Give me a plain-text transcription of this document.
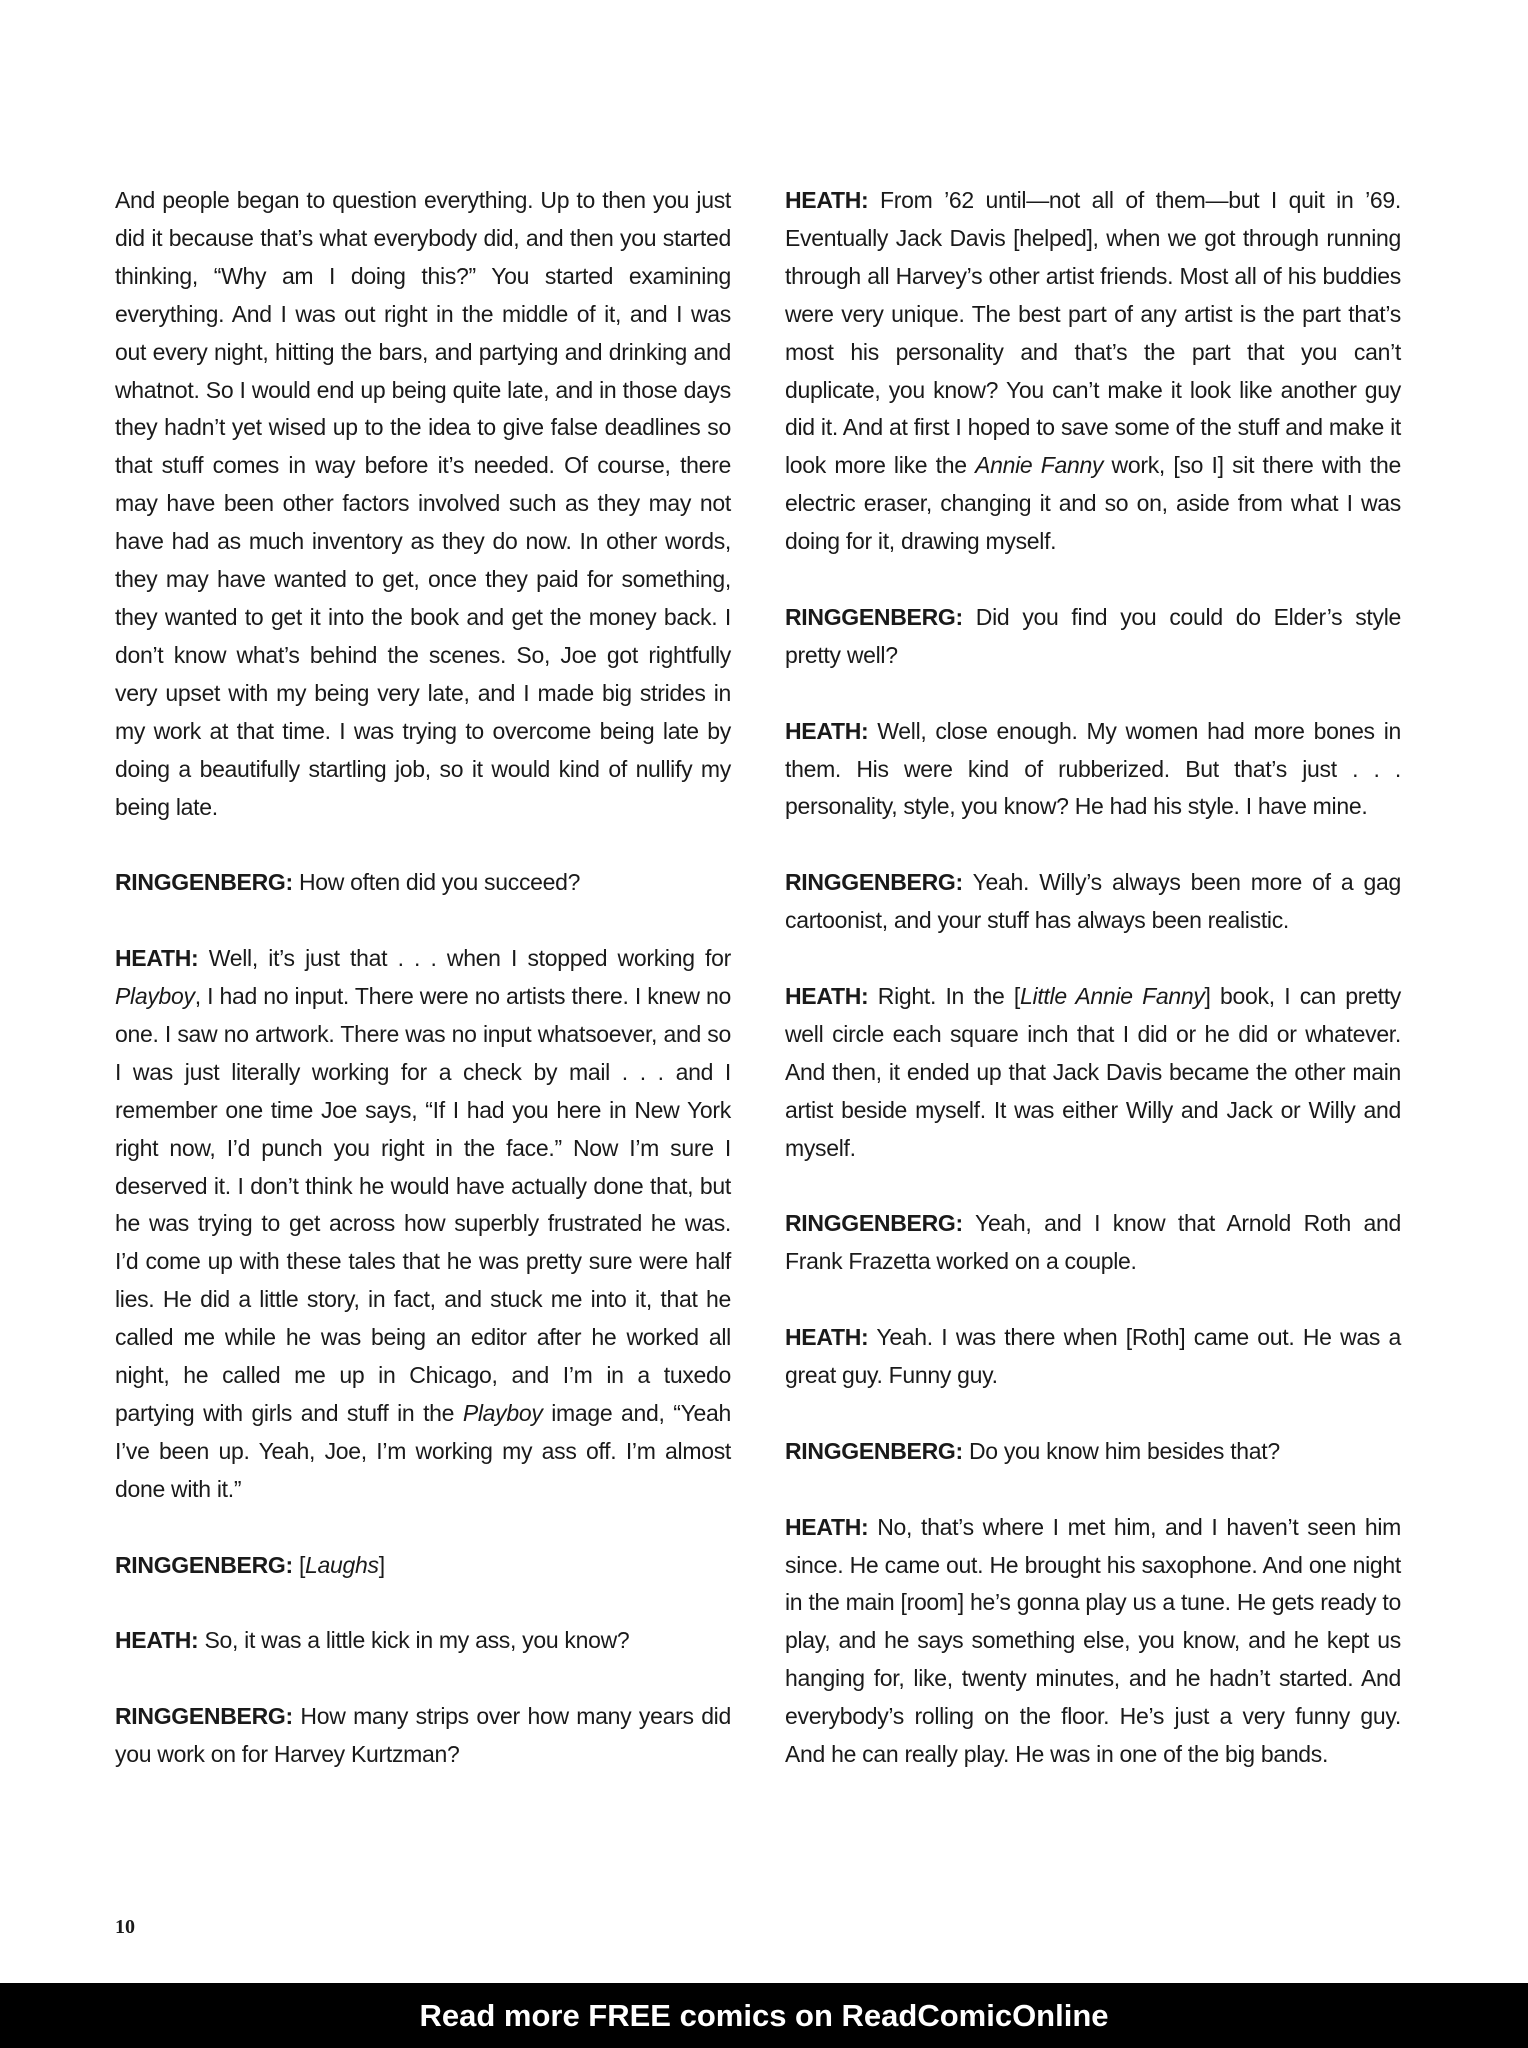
And people began to question everything. Up to then you just did it because that’s what everybody did, and then you started thinking, “Why am I doing this?” You started examining everything. And I was out right in the middle of it, and I was out every night, hitting the bars, and partying and drinking and whatnot. So I would end up being quite late, and in those days they hadn’t yet wised up to the idea to give false deadlines so that stuff comes in way before it’s needed. Of course, there may have been other factors involved such as they may not have had as much inventory as they do now. In other words, they may have wanted to get, once they paid for something, they wanted to get it into the book and get the money back. I don’t know what’s behind the scenes. So, Joe got rightfully very upset with my being very late, and I made big strides in my work at that time. I was trying to overcome being late by doing a beautifully startling job, so it would kind of nullify my being late.

RINGGENBERG: How often did you succeed?

HEATH: Well, it’s just that . . . when I stopped working for Playboy, I had no input. There were no artists there. I knew no one. I saw no artwork. There was no input whatsoever, and so I was just literally working for a check by mail . . . and I remember one time Joe says, “If I had you here in New York right now, I’d punch you right in the face.” Now I’m sure I deserved it. I don’t think he would have actually done that, but he was trying to get across how superbly frustrated he was. I’d come up with these tales that he was pretty sure were half lies. He did a little story, in fact, and stuck me into it, that he called me while he was being an editor after he worked all night, he called me up in Chicago, and I’m in a tuxedo partying with girls and stuff in the Playboy image and, “Yeah I’ve been up. Yeah, Joe, I’m working my ass off. I’m almost done with it.”

RINGGENBERG: [Laughs]

HEATH: So, it was a little kick in my ass, you know?

RINGGENBERG: How many strips over how many years did you work on for Harvey Kurtzman?

HEATH: From ’62 until—not all of them—but I quit in ’69. Eventually Jack Davis [helped], when we got through running through all Harvey’s other artist friends. Most all of his buddies were very unique. The best part of any artist is the part that’s most his personality and that’s the part that you can’t duplicate, you know? You can’t make it look like another guy did it. And at first I hoped to save some of the stuff and make it look more like the Annie Fanny work, [so I] sit there with the electric eraser, changing it and so on, aside from what I was doing for it, drawing myself.

RINGGENBERG: Did you find you could do Elder’s style pretty well?

HEATH: Well, close enough. My women had more bones in them. His were kind of rubberized. But that’s just . . . personality, style, you know? He had his style. I have mine.

RINGGENBERG: Yeah. Willy’s always been more of a gag cartoonist, and your stuff has always been realistic.

HEATH: Right. In the [Little Annie Fanny] book, I can pretty well circle each square inch that I did or he did or whatever. And then, it ended up that Jack Davis became the other main artist beside myself. It was either Willy and Jack or Willy and myself.

RINGGENBERG: Yeah, and I know that Arnold Roth and Frank Frazetta worked on a couple.

HEATH: Yeah. I was there when [Roth] came out. He was a great guy. Funny guy.

RINGGENBERG: Do you know him besides that?

HEATH: No, that’s where I met him, and I haven’t seen him since. He came out. He brought his saxophone. And one night in the main [room] he’s gonna play us a tune. He gets ready to play, and he says something else, you know, and he kept us hanging for, like, twenty minutes, and he hadn’t started. And everybody’s rolling on the floor. He’s just a very funny guy. And he can really play. He was in one of the big bands.

10
Read more FREE comics on ReadComicOnline
